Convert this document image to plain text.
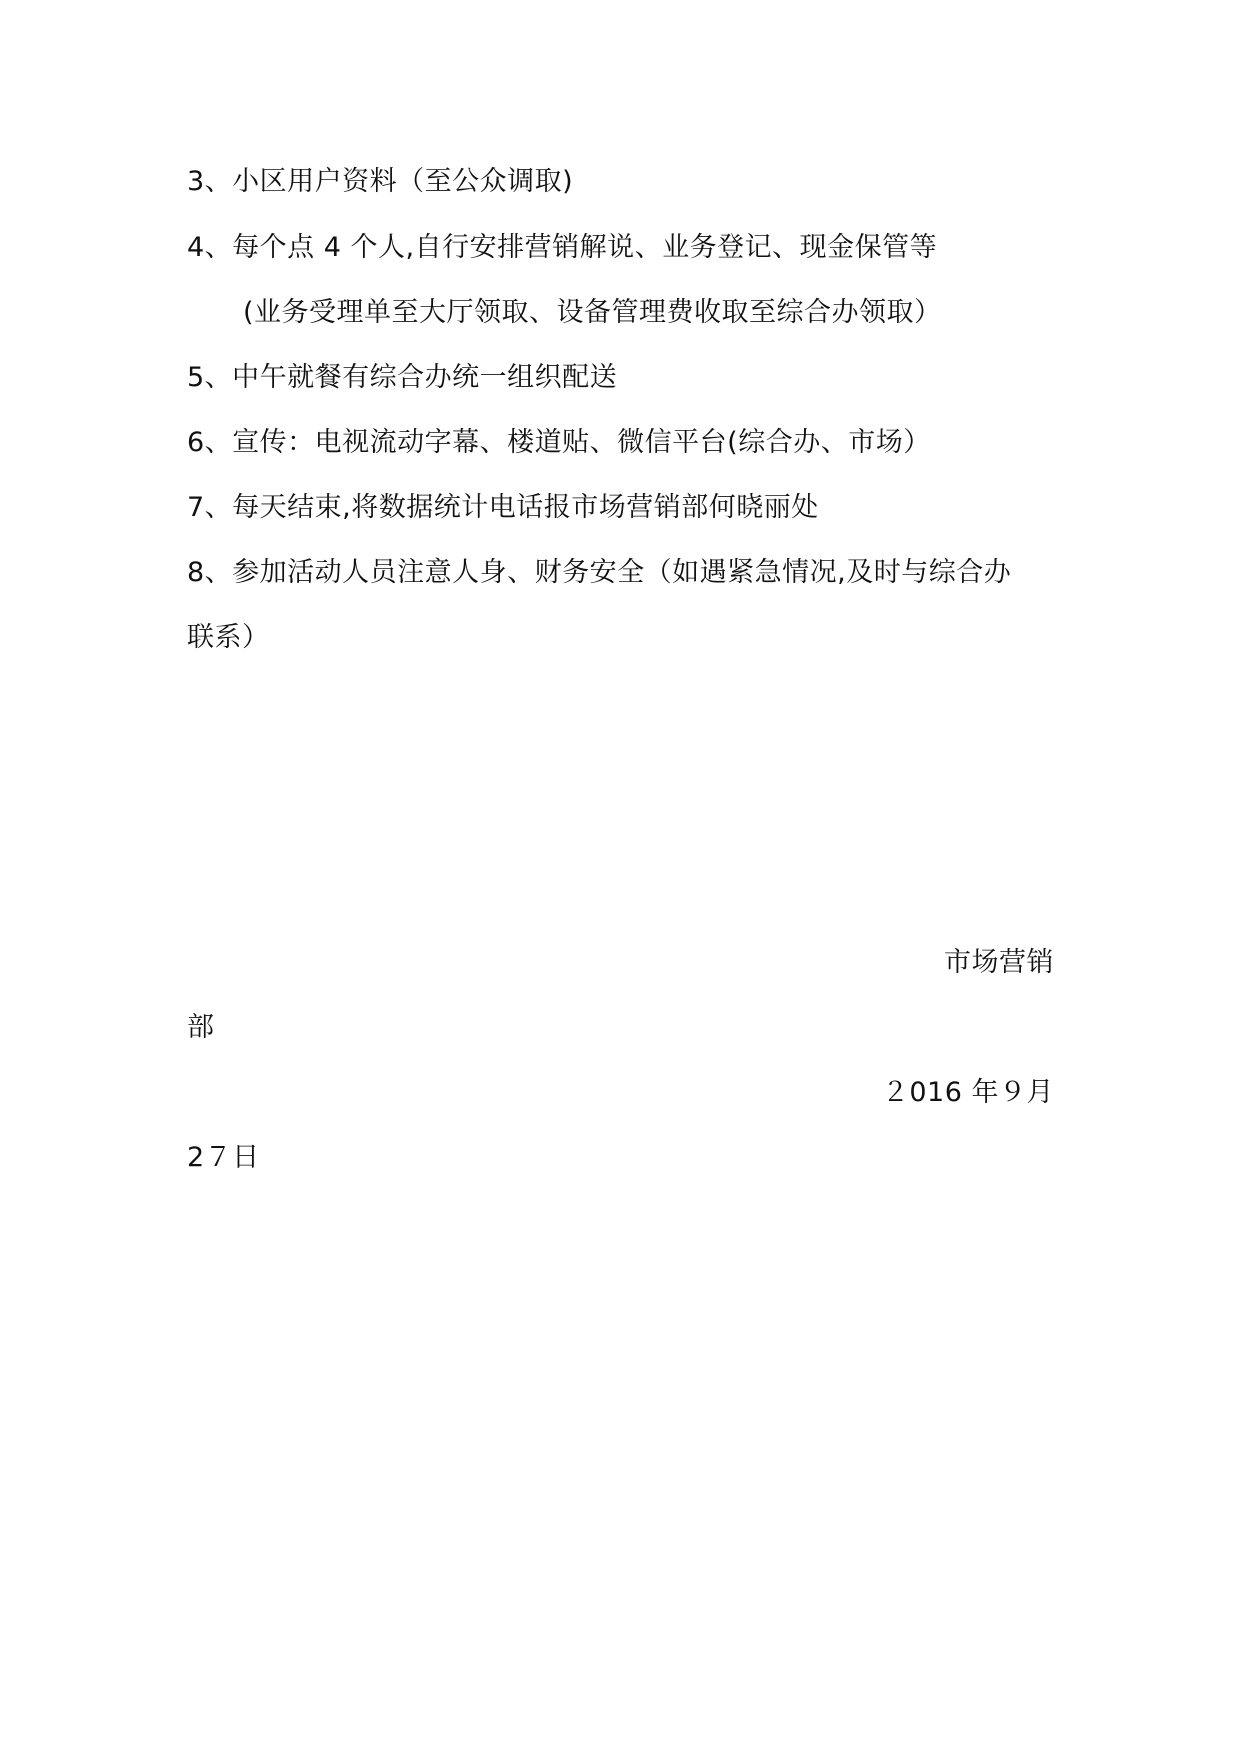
3、小区用户资料（至公众调取)
4、每个点 4 个人,自行安排营销解说、业务登记、现金保管等
(业务受理单至大厅领取、设备管理费收取至综合办领取）
5、中午就餐有综合办统一组织配送
6、宣传：电视流动字幕、楼道贴、微信平台(综合办、市场）
7、每天结束,将数据统计电话报市场营销部何晓丽处
8、参加活动人员注意人身、财务安全（如遇紧急情况,及时与综合办
联系）
市场营销
部
２016 年９月
2７日
